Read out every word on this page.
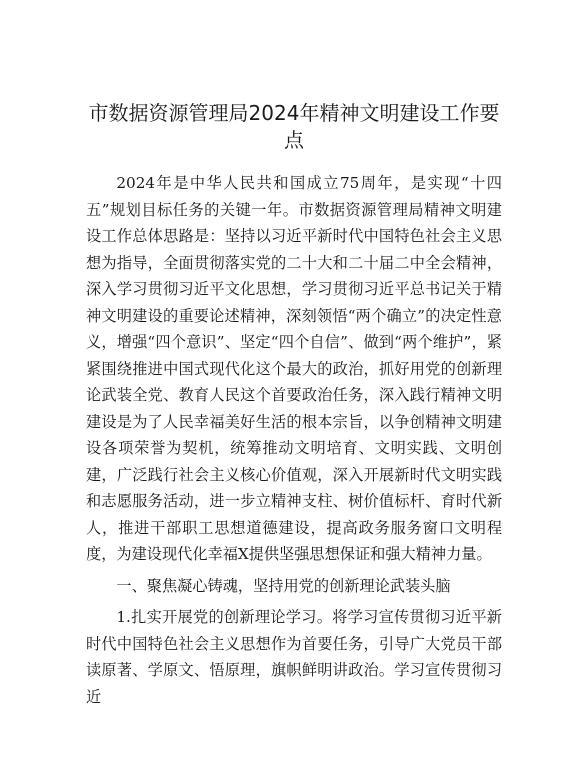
市数据资源管理局2024年精神文明建设工作要点

2024年是中华人民共和国成立75周年，是实现“十四五”规划目标任务的关键一年。市数据资源管理局精神文明建设工作总体思路是：坚持以习近平新时代中国特色社会主义思想为指导，全面贯彻落实党的二十大和二十届二中全会精神，深入学习贯彻习近平文化思想，学习贯彻习近平总书记关于精神文明建设的重要论述精神，深刻领悟“两个确立”的决定性意义，增强“四个意识”、坚定“四个自信”、做到“两个维护”，紧紧围绕推进中国式现代化这个最大的政治，抓好用党的创新理论武装全党、教育人民这个首要政治任务，深入践行精神文明建设是为了人民幸福美好生活的根本宗旨，以争创精神文明建设各项荣誉为契机，统筹推动文明培育、文明实践、文明创建，广泛践行社会主义核心价值观，深入开展新时代文明实践和志愿服务活动，进一步立精神支柱、树价值标杆、育时代新人，推进干部职工思想道德建设，提高政务服务窗口文明程度，为建设现代化幸福X提供坚强思想保证和强大精神力量。

一、聚焦凝心铸魂，坚持用党的创新理论武装头脑

1.扎实开展党的创新理论学习。将学习宣传贯彻习近平新时代中国特色社会主义思想作为首要任务，引导广大党员干部读原著、学原文、悟原理，旗帜鲜明讲政治。学习宣传贯彻习近
